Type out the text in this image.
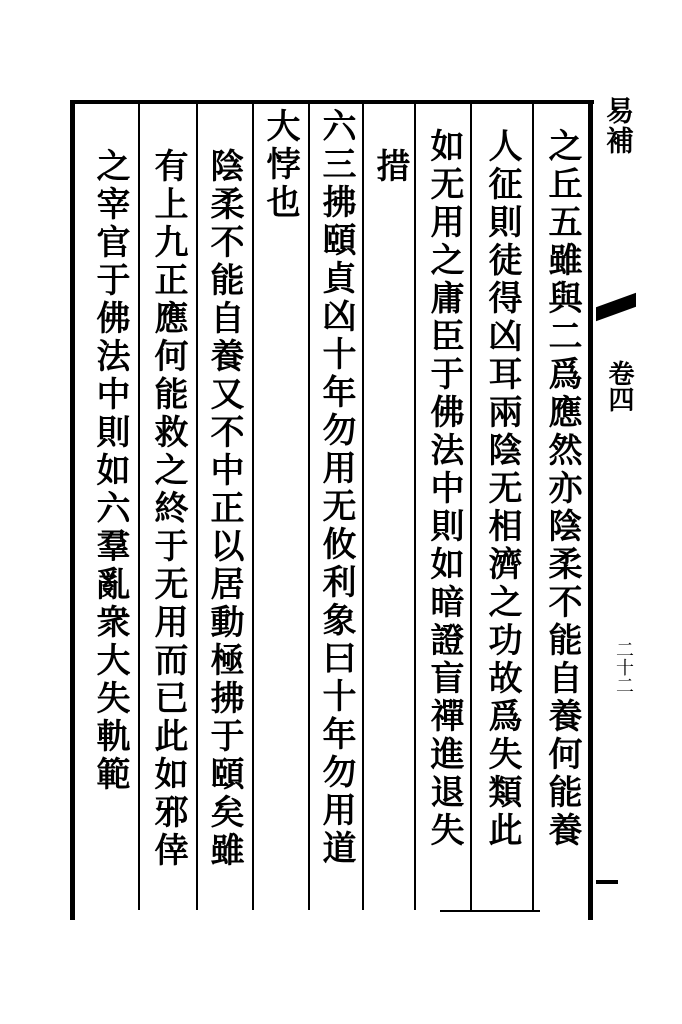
易補
卷四
二十二
之丘五雖與二爲應然亦陰柔不能自養何能養
人征則徒得凶耳兩陰无相濟之功故爲失類此
如无用之庸臣于佛法中則如暗證盲禪進退失
措
六三拂頤貞凶十年勿用无攸利象曰十年勿用道
大悖也
陰柔不能自養又不中正以居動極拂于頤矣雖
有上九正應何能救之終于无用而已此如邪倖
之宰官于佛法中則如六羣亂衆大失軌範
